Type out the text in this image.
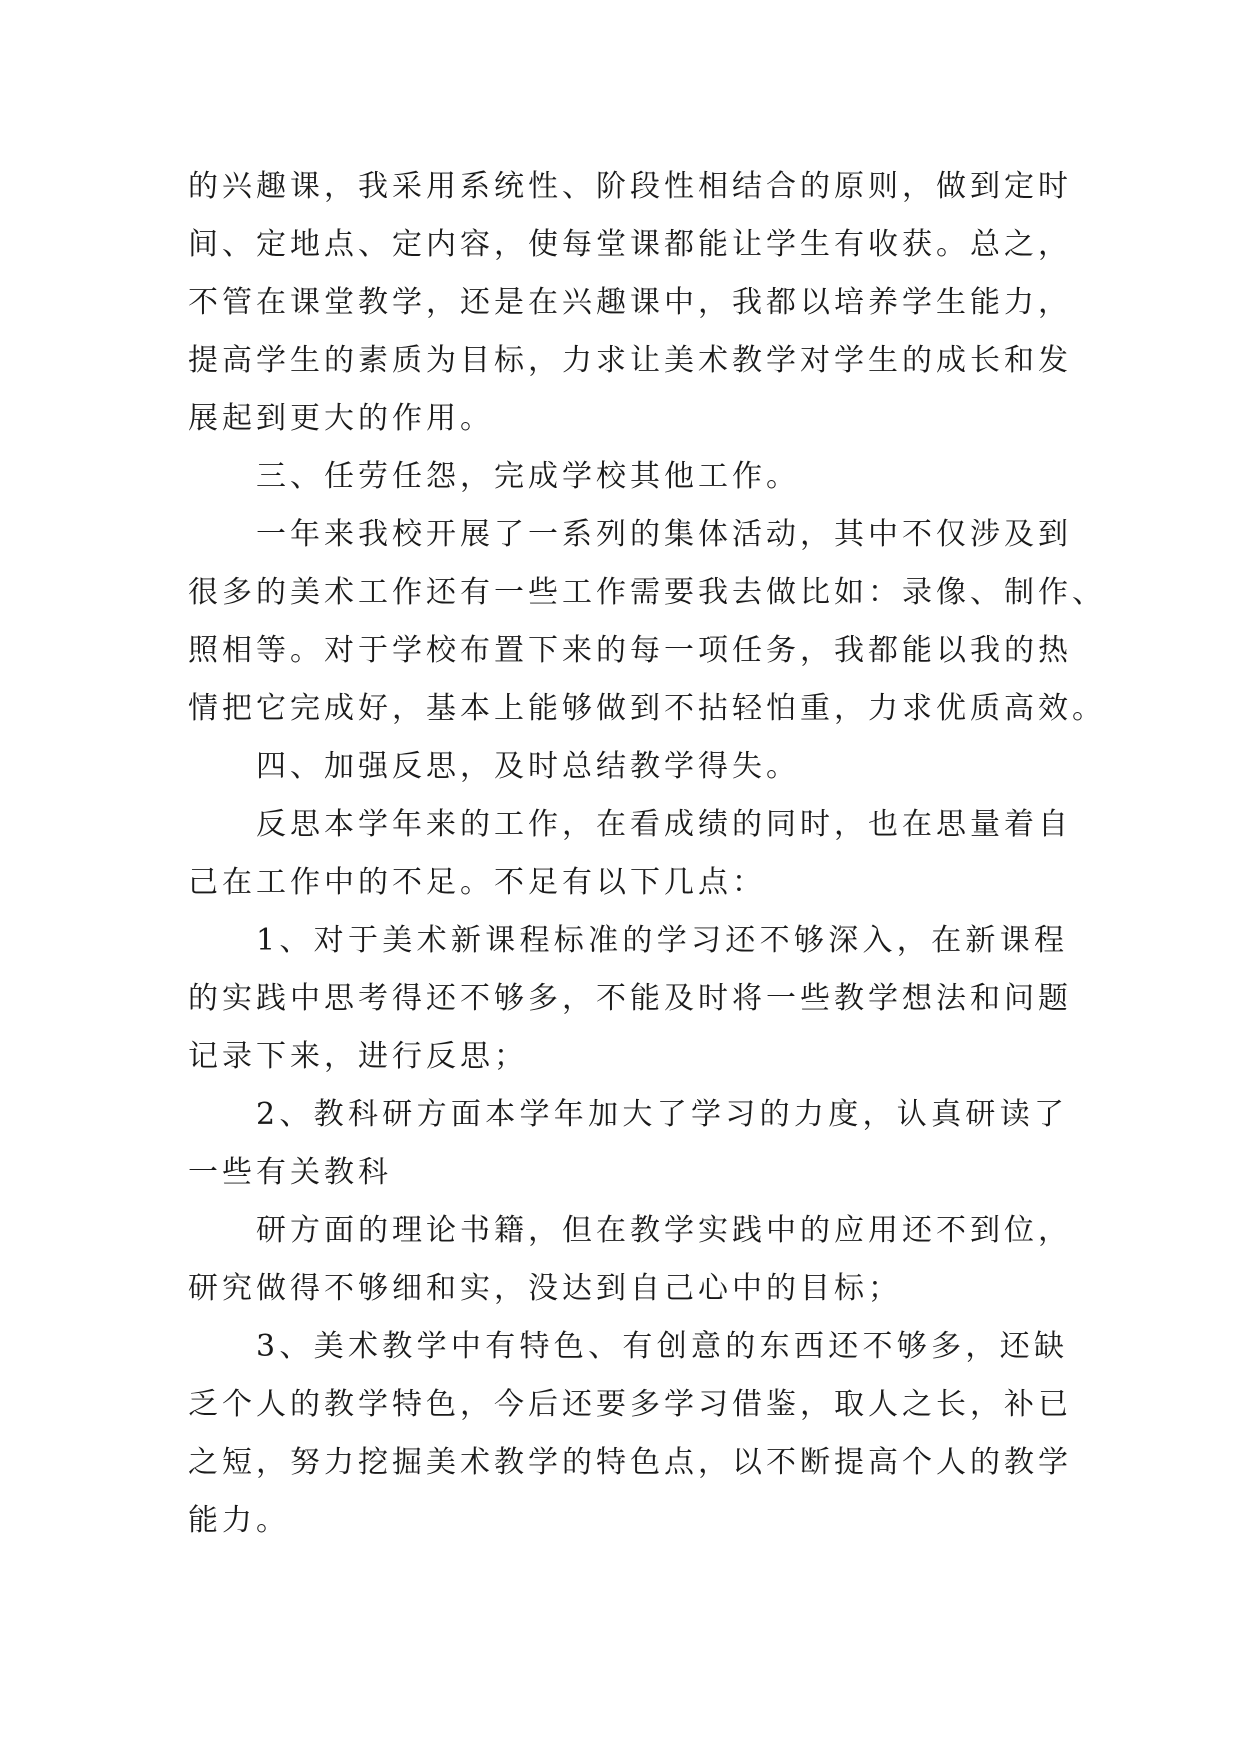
的兴趣课，我采用系统性、阶段性相结合的原则，做到定时
间、定地点、定内容，使每堂课都能让学生有收获。总之，
不管在课堂教学，还是在兴趣课中，我都以培养学生能力，
提高学生的素质为目标，力求让美术教学对学生的成长和发
展起到更大的作用。
三、任劳任怨，完成学校其他工作。
一年来我校开展了一系列的集体活动，其中不仅涉及到
很多的美术工作还有一些工作需要我去做比如：录像、制作、
照相等。对于学校布置下来的每一项任务，我都能以我的热
情把它完成好，基本上能够做到不拈轻怕重，力求优质高效。
四、加强反思，及时总结教学得失。
反思本学年来的工作，在看成绩的同时，也在思量着自
己在工作中的不足。不足有以下几点：
1、对于美术新课程标准的学习还不够深入，在新课程
的实践中思考得还不够多，不能及时将一些教学想法和问题
记录下来，进行反思；
2、教科研方面本学年加大了学习的力度，认真研读了
一些有关教科
研方面的理论书籍，但在教学实践中的应用还不到位，
研究做得不够细和实，没达到自己心中的目标；
3、美术教学中有特色、有创意的东西还不够多，还缺
乏个人的教学特色，今后还要多学习借鉴，取人之长，补已
之短，努力挖掘美术教学的特色点，以不断提高个人的教学
能力。
